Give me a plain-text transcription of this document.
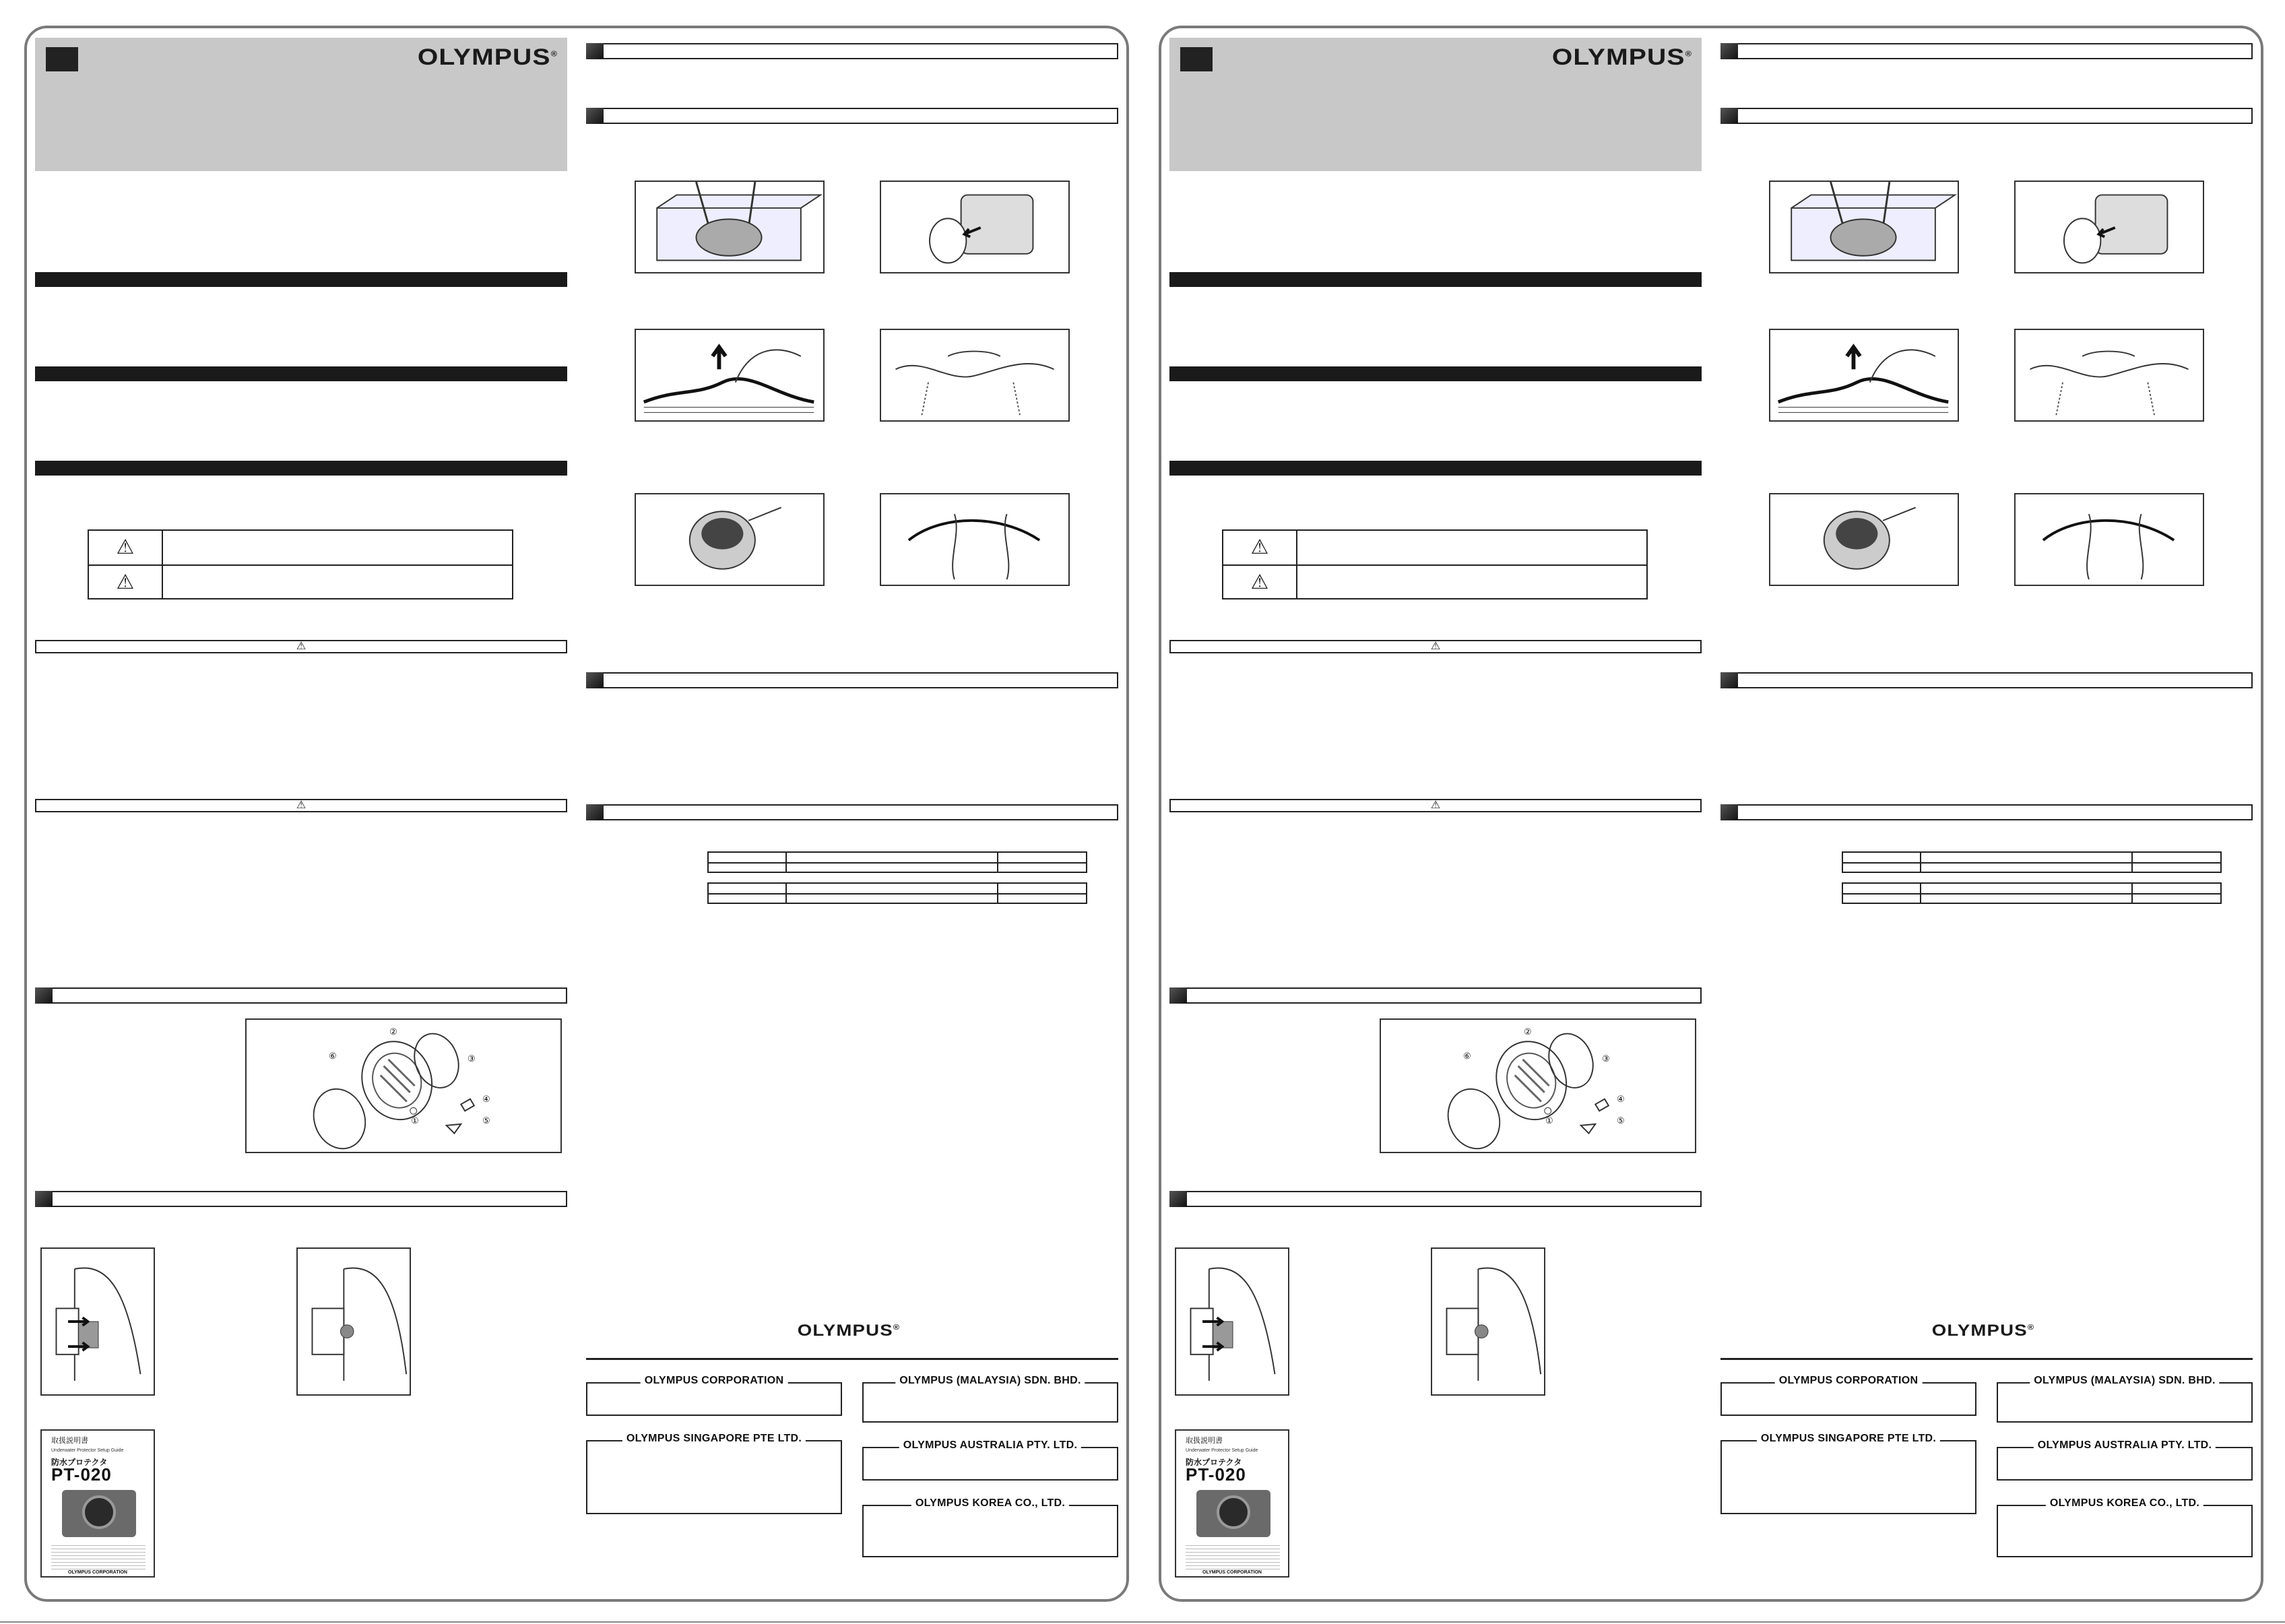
OLYMPUS®
⚠
⚠
⚠
⚠
⑥
②
③
④
⑤
①
取扱説明書
Underwater Protector Setup Guide
防水プロテクタ
PT-020
OLYMPUS CORPORATION
OLYMPUS®
OLYMPUS CORPORATION	OLYMPUS (MALAYSIA) SDN. BHD.
OLYMPUS SINGAPORE PTE LTD.
OLYMPUS AUSTRALIA PTY. LTD.
OLYMPUS KOREA CO., LTD.
OLYMPUS®
⚠
⚠
⚠
⚠
⑥
②
③
④
⑤
①
取扱説明書
Underwater Protector Setup Guide
防水プロテクタ
PT-020
OLYMPUS CORPORATION
OLYMPUS®
OLYMPUS CORPORATION	OLYMPUS (MALAYSIA) SDN. BHD.
OLYMPUS SINGAPORE PTE LTD.
OLYMPUS AUSTRALIA PTY. LTD.
OLYMPUS KOREA CO., LTD.
